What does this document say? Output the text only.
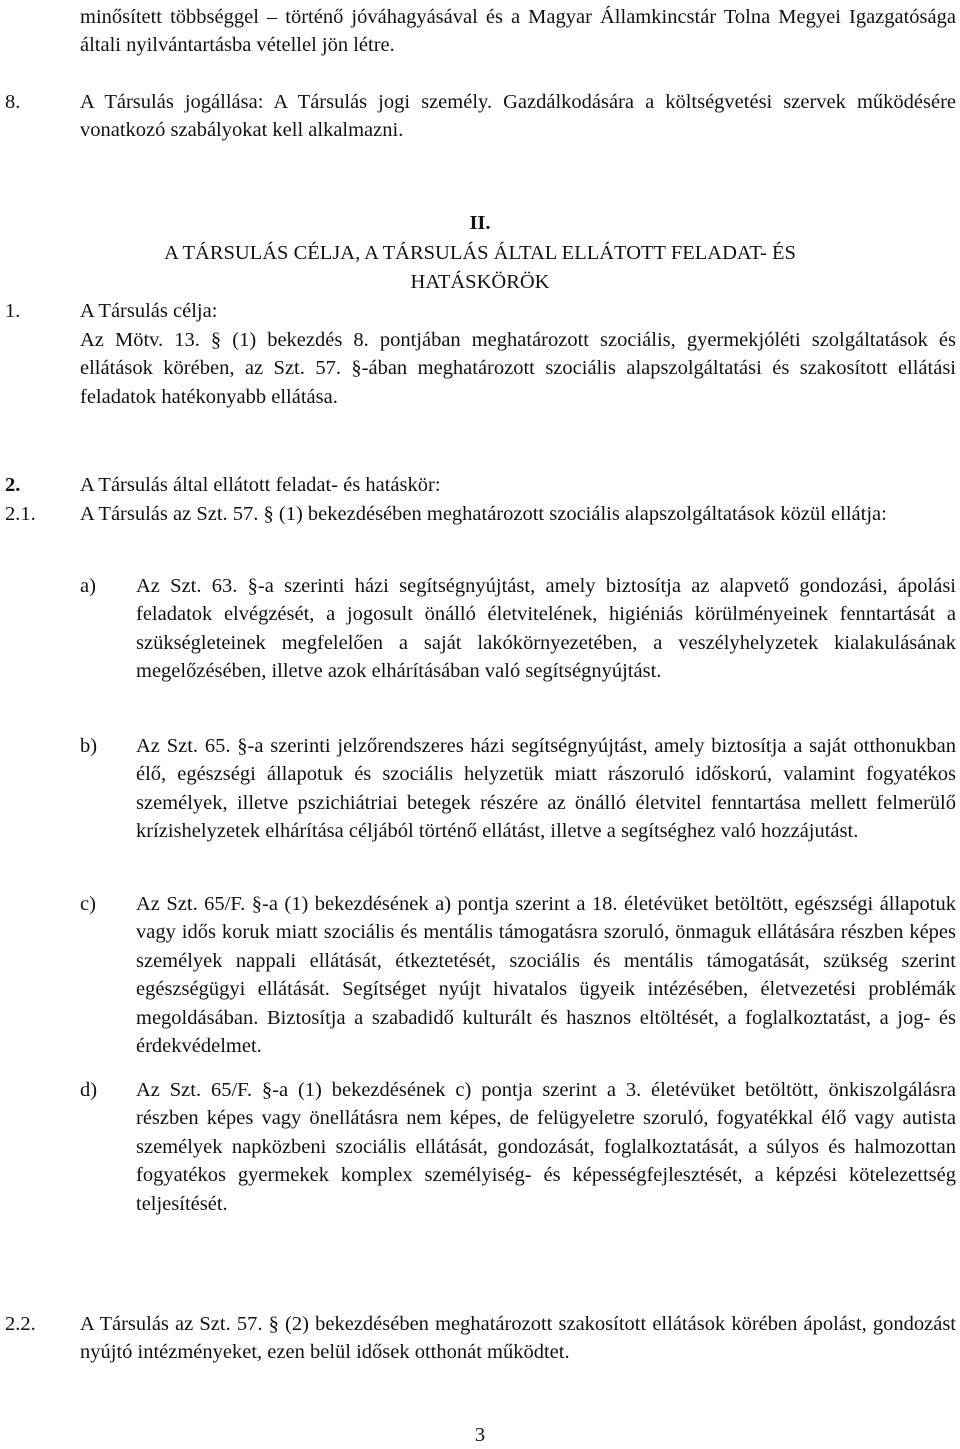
minősített többséggel – történő jóváhagyásával és a Magyar Államkincstár Tolna Megyei Igazgatósága általi nyilvántartásba vétellel jön létre.

8.	A Társulás jogállása: A Társulás jogi személy. Gazdálkodására a költségvetési szervek működésére vonatkozó szabályokat kell alkalmazni.

II.
A TÁRSULÁS CÉLJA, A TÁRSULÁS ÁLTAL ELLÁTOTT FELADAT- ÉS
HATÁSKÖRÖK
1.	A Társulás célja:

Az Mötv. 13. § (1) bekezdés 8. pontjában meghatározott szociális, gyermekjóléti szolgáltatások és ellátások körében, az Szt. 57. §-ában meghatározott szociális alapszolgáltatási és szakosított ellátási feladatok hatékonyabb ellátása.

2.	A Társulás által ellátott feladat- és hatáskör:
2.1. A Társulás az Szt. 57. § (1) bekezdésében meghatározott szociális alapszolgáltatások közül ellátja:

a) Az Szt. 63. §-a szerinti házi segítségnyújtást, amely biztosítja az alapvető gondozási, ápolási feladatok elvégzését, a jogosult önálló életvitelének, higiéniás körülményeinek fenntartását a szükségleteinek megfelelően a saját lakókörnyezetében, a veszélyhelyzetek kialakulásának megelőzésében, illetve azok elhárításában való segítségnyújtást.

b) Az Szt. 65. §-a szerinti jelzőrendszeres házi segítségnyújtást, amely biztosítja a saját otthonukban élő, egészségi állapotuk és szociális helyzetük miatt rászoruló időskorú, valamint fogyatékos személyek, illetve pszichiátriai betegek részére az önálló életvitel fenntartása mellett felmerülő krízishelyzetek elhárítása céljából történő ellátást, illetve a segítséghez való hozzájutást.

c) Az Szt. 65/F. §-a (1) bekezdésének a) pontja szerint a 18. életévüket betöltött, egészségi állapotuk vagy idős koruk miatt szociális és mentális támogatásra szoruló, önmaguk ellátására részben képes személyek nappali ellátását, étkeztetését, szociális és mentális támogatását, szükség szerint egészségügyi ellátását. Segítséget nyújt hivatalos ügyeik intézésében, életvezetési problémák megoldásában. Biztosítja a szabadidő kulturált és hasznos eltöltését, a foglalkoztatást, a jog- és érdekvédelmet.

d) Az Szt. 65/F. §-a (1) bekezdésének c) pontja szerint a 3. életévüket betöltött, önkiszolgálásra részben képes vagy önellátásra nem képes, de felügyeletre szoruló, fogyatékkal élő vagy autista személyek napközbeni szociális ellátását, gondozását, foglalkoztatását, a súlyos és halmozottan fogyatékos gyermekek komplex személyiség- és képességfejlesztését, a képzési kötelezettség teljesítését.

2.2. A Társulás az Szt. 57. § (2) bekezdésében meghatározott szakosított ellátások körében ápolást, gondozást nyújtó intézményeket, ezen belül idősek otthonát működtet.

3
